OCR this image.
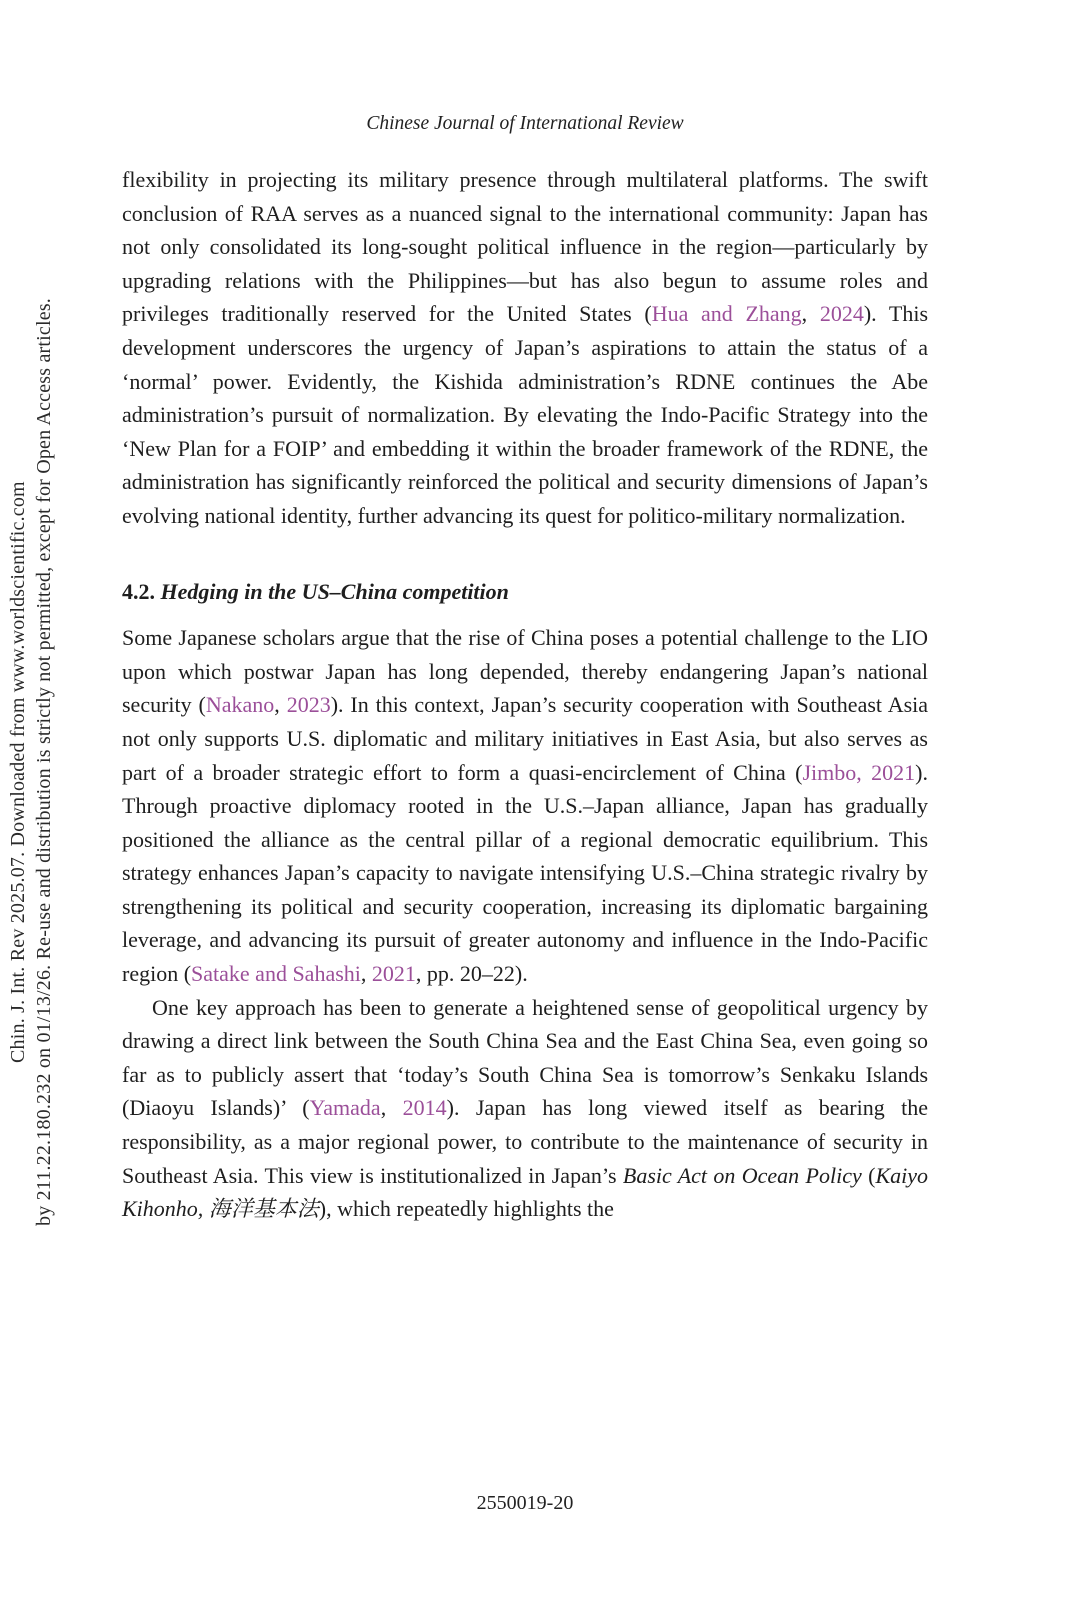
Chin. J. Int. Rev 2025.07. Downloaded from www.worldscientific.com by 211.22.180.232 on 01/13/26. Re-use and distribution is strictly not permitted, except for Open Access articles.
Chinese Journal of International Review

flexibility in projecting its military presence through multilateral platforms. The swift conclusion of RAA serves as a nuanced signal to the international community: Japan has not only consolidated its long-sought political influence in the region—particularly by upgrading relations with the Philippines—but has also begun to assume roles and privileges traditionally reserved for the United States (Hua and Zhang, 2024). This development underscores the urgency of Japan’s aspirations to attain the status of a ‘normal’ power. Evidently, the Kishida administration’s RDNE continues the Abe administration’s pursuit of normalization. By elevating the Indo-Pacific Strategy into the ‘New Plan for a FOIP’ and embedding it within the broader framework of the RDNE, the administration has significantly reinforced the political and security dimensions of Japan’s evolving national identity, further advancing its quest for politico-military normalization.

4.2. Hedging in the US–China competition

Some Japanese scholars argue that the rise of China poses a potential challenge to the LIO upon which postwar Japan has long depended, thereby endangering Japan’s national security (Nakano, 2023). In this context, Japan’s security cooperation with Southeast Asia not only supports U.S. diplomatic and military initiatives in East Asia, but also serves as part of a broader strategic effort to form a quasi-encirclement of China (Jimbo, 2021). Through proactive diplomacy rooted in the U.S.–Japan alliance, Japan has gradually positioned the alliance as the central pillar of a regional democratic equilibrium. This strategy enhances Japan’s capacity to navigate intensifying U.S.–China strategic rivalry by strengthening its political and security cooperation, increasing its diplomatic bargaining leverage, and advancing its pursuit of greater autonomy and influence in the Indo-Pacific region (Satake and Sahashi, 2021, pp. 20–22).

One key approach has been to generate a heightened sense of geopolitical urgency by drawing a direct link between the South China Sea and the East China Sea, even going so far as to publicly assert that ‘today’s South China Sea is tomorrow’s Senkaku Islands (Diaoyu Islands)’ (Yamada, 2014). Japan has long viewed itself as bearing the responsibility, as a major regional power, to contribute to the maintenance of security in Southeast Asia. This view is institutionalized in Japan’s Basic Act on Ocean Policy (Kaiyo Kihonho, 海洋基本法), which repeatedly highlights the

2550019-20
